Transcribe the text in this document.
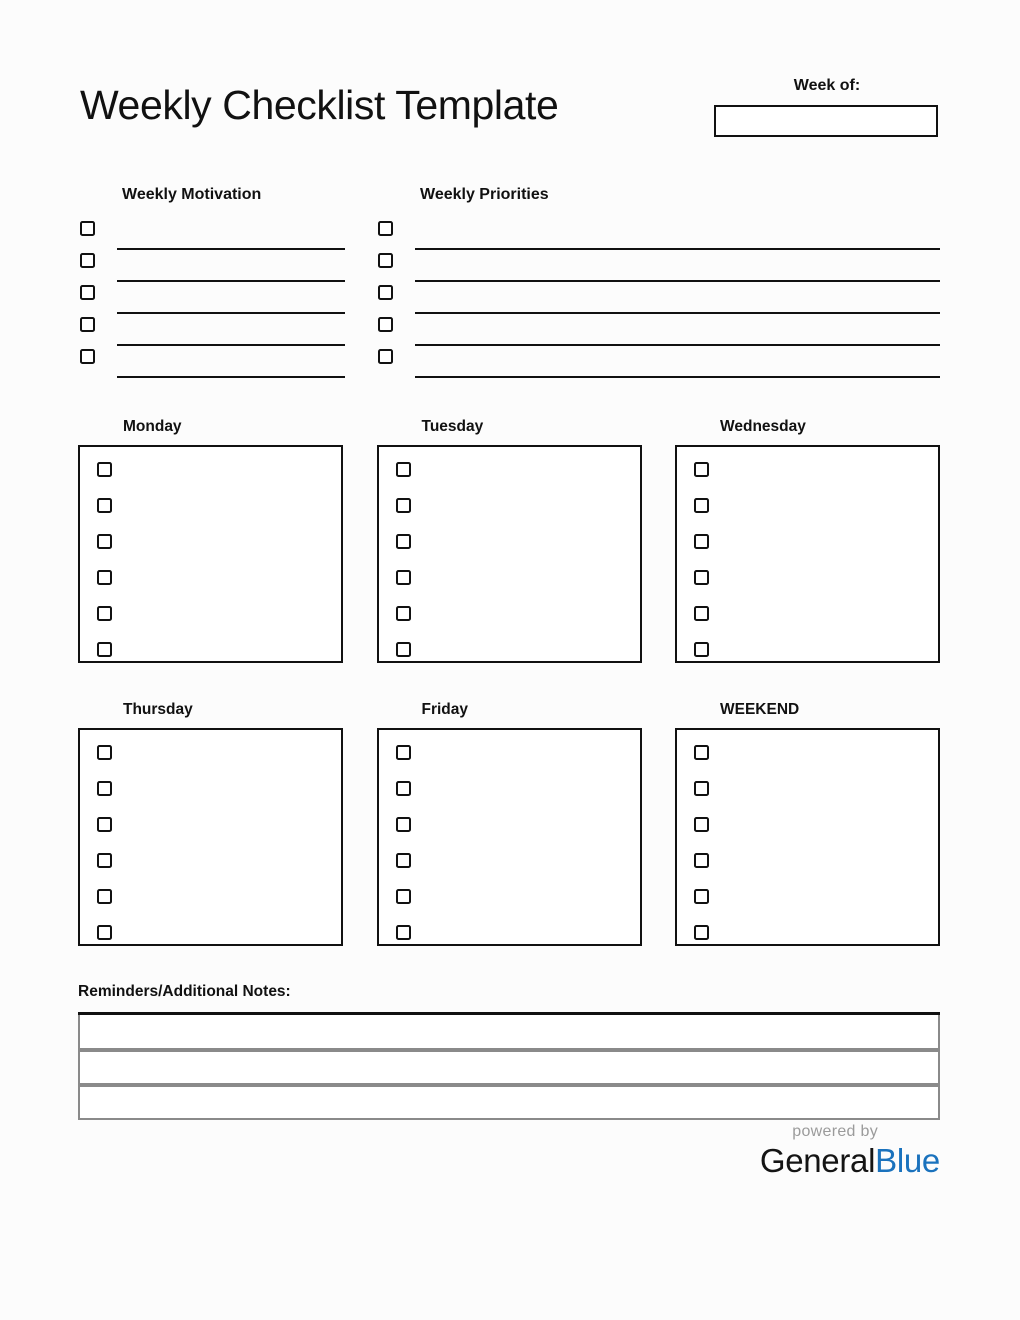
Weekly Checklist Template	Week of:
Weekly Motivation	Weekly Priorities
Monday	Tuesday	Wednesday
Thursday	Friday	WEEKEND
Reminders/Additional Notes:
powered by
GeneralBlue
